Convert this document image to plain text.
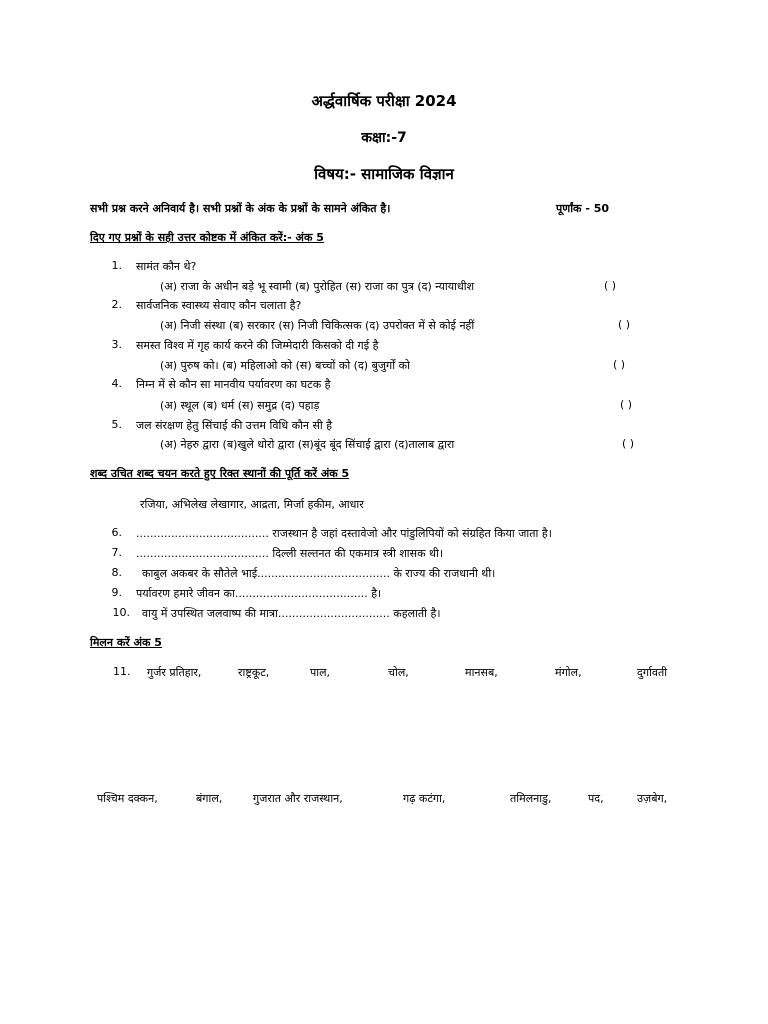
अर्द्धवार्षिक परीक्षा 2024
कक्षा:-7
विषय:- सामाजिक विज्ञान
सभी प्रश्न करने अनिवार्य है। सभी प्रश्नों के अंक के प्रश्नों के सामने अंकित है।	पूर्णांक - 50
दिए गए प्रश्नों के सही उत्तर कोष्टक में अंकित करें:- अंक 5
1. सामंत कौन थे?
(अ) राजा के अधीन बड़े भू स्वामी (ब) पुरोहित (स) राजा का पुत्र (द) न्यायाधीश	( )
2. सार्वजनिक स्वास्थ्य सेवाए कौन चलाता है?
(अ) निजी संस्था (ब) सरकार (स) निजी चिकित्सक (द) उपरोक्त में से कोई नहीं	( )
3. समस्त विश्व में गृह कार्य करने की जिम्मेदारी किसको दी गई है
(अ) पुरुष को। (ब) महिलाओ को (स) बच्चों को (द) बुजुर्गों को	( )
4. निम्न में से कौन सा मानवीय पर्यावरण का घटक है
(अ) स्थूल (ब) धर्म (स) समुद्र (द) पहाड़	( )
5. जल संरक्षण हेतु सिंचाई की उत्तम विधि कौन सी है
(अ) नेहरु द्वारा (ब)खुले धोरो द्वारा (स)बूंद बूंद सिंचाई द्वारा (द)तालाब द्वारा	( )
शब्द उचित शब्द चयन करते हुए रिक्त स्थानों की पूर्ति करें अंक 5
रजिया, अभिलेख लेखागार, आद्रता, मिर्जा हकीम, आधार
6. ...................................... राजस्थान है जहां दस्तावेजो और पांडुलिपियों को संग्रहित किया जाता है।
7. ...................................... दिल्ली सल्तनत की एकमात्र स्त्री शासक थी।
8. काबुल अकबर के सौतेले भाई...................................... के राज्य की राजधानी थी।
9. पर्यावरण हमारे जीवन का...................................... है।
10. वायु में उपस्थित जलवाष्प की मात्रा................................ कहलाती है।
मिलन करें अंक 5
11. गुर्जर प्रतिहार,	राष्ट्रकूट,	पाल,	चोल,	मानसब,	मंगोल,	दुर्गावती
पश्चिम दक्कन,	बंगाल,	गुजरात और राजस्थान,	गढ़ कटंगा,	तमिलनाडु,	पद,	उज़बेग,
